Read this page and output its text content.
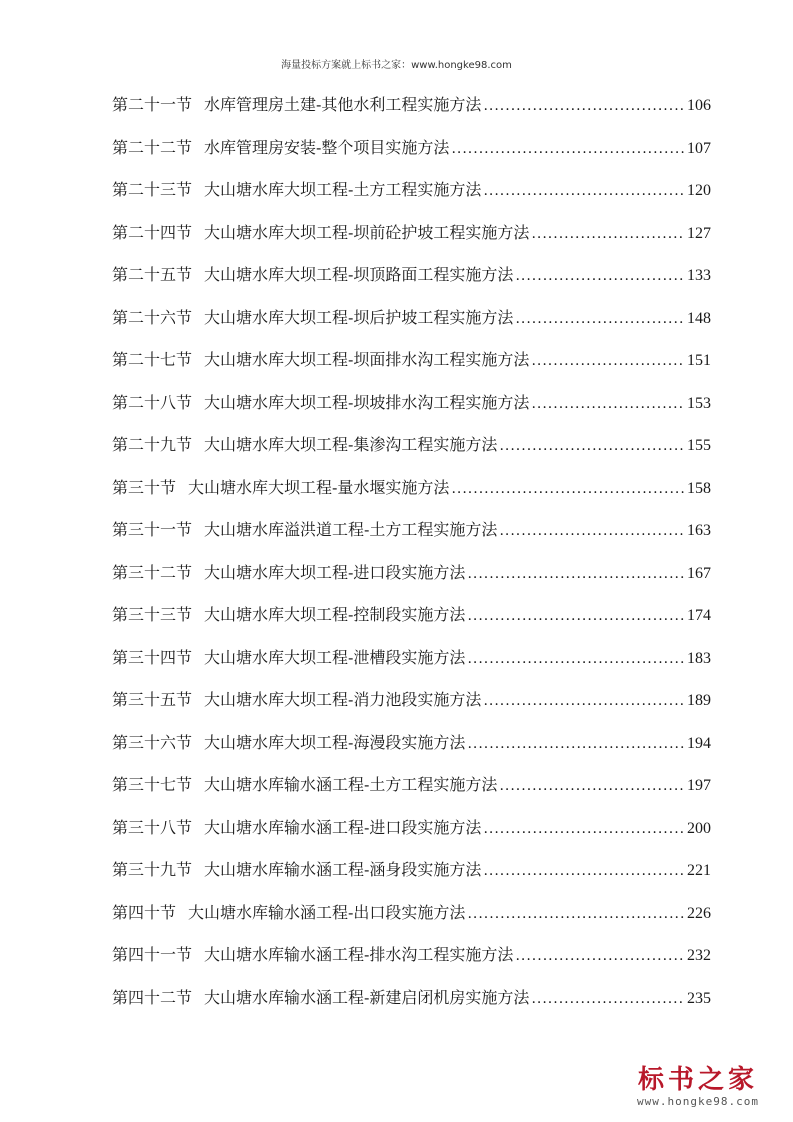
海量投标方案就上标书之家：www.hongke98.com
第二十一节 水库管理房土建-其他水利工程实施方法 .....	106
第二十二节 水库管理房安装-整个项目实施方法 .....	107
第二十三节 大山塘水库大坝工程-土方工程实施方法 .....	120
第二十四节 大山塘水库大坝工程-坝前砼护坡工程实施方法 .....	127
第二十五节 大山塘水库大坝工程-坝顶路面工程实施方法 .....	133
第二十六节 大山塘水库大坝工程-坝后护坡工程实施方法 .....	148
第二十七节 大山塘水库大坝工程-坝面排水沟工程实施方法 .....	151
第二十八节 大山塘水库大坝工程-坝坡排水沟工程实施方法 .....	153
第二十九节 大山塘水库大坝工程-集渗沟工程实施方法 .....	155
第三十节 大山塘水库大坝工程-量水堰实施方法 .....	158
第三十一节 大山塘水库溢洪道工程-土方工程实施方法 .....	163
第三十二节 大山塘水库大坝工程-进口段实施方法 .....	167
第三十三节 大山塘水库大坝工程-控制段实施方法 .....	174
第三十四节 大山塘水库大坝工程-泄槽段实施方法 .....	183
第三十五节 大山塘水库大坝工程-消力池段实施方法 .....	189
第三十六节 大山塘水库大坝工程-海漫段实施方法 .....	194
第三十七节 大山塘水库输水涵工程-土方工程实施方法 .....	197
第三十八节 大山塘水库输水涵工程-进口段实施方法 .....	200
第三十九节 大山塘水库输水涵工程-涵身段实施方法 .....	221
第四十节 大山塘水库输水涵工程-出口段实施方法 .....	226
第四十一节 大山塘水库输水涵工程-排水沟工程实施方法 .....	232
第四十二节 大山塘水库输水涵工程-新建启闭机房实施方法 .....	235
标书之家
www.hongke98.com
